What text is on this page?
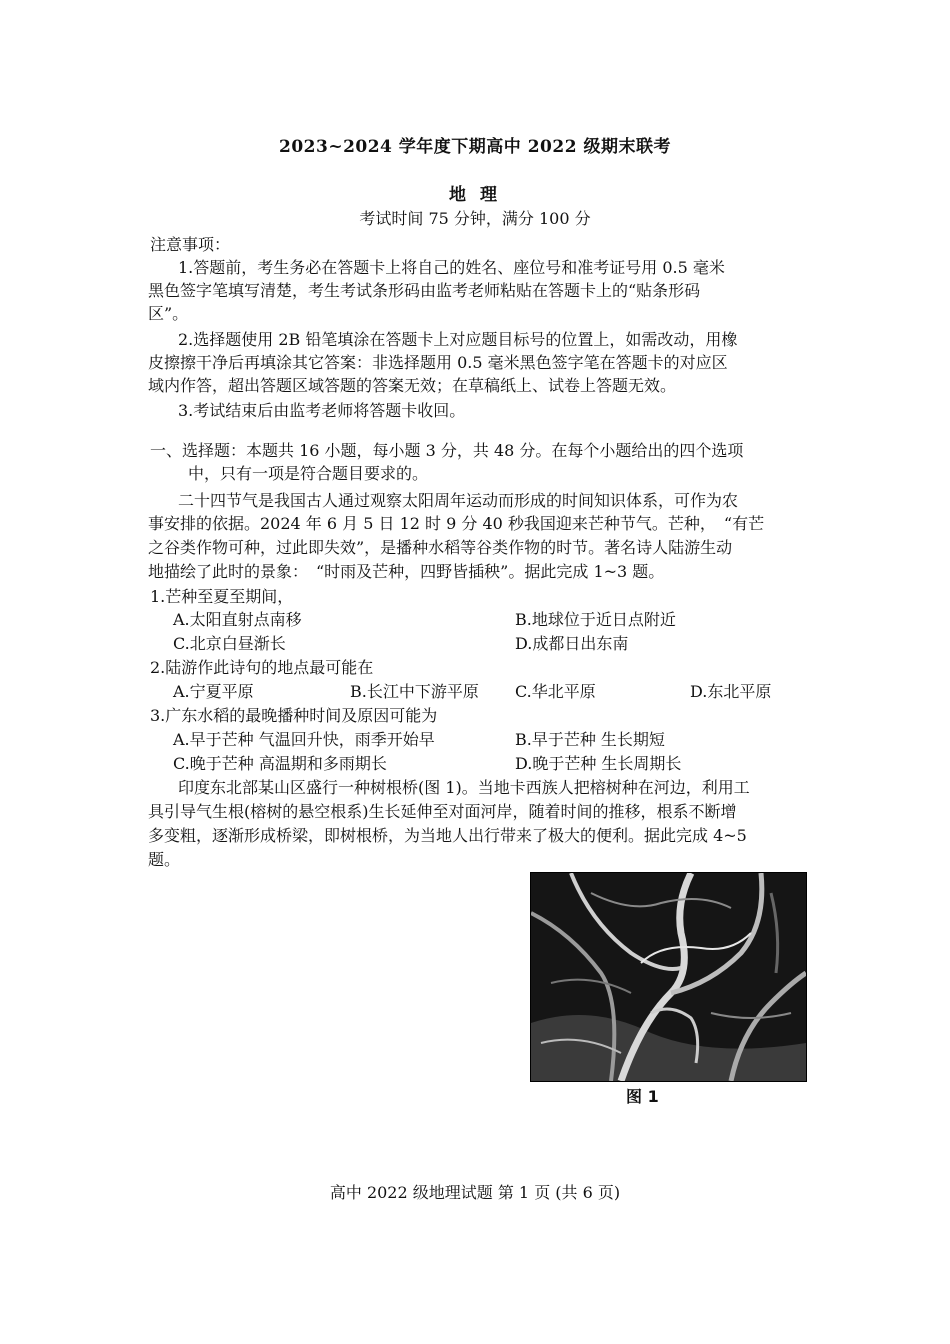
2023~2024 学年度下期高中 2022 级期末联考
地 理
考试时间 75 分钟，满分 100 分
注意事项：
1.答题前，考生务必在答题卡上将自己的姓名、座位号和准考证号用 0.5 毫米
黑色签字笔填写清楚，考生考试条形码由监考老师粘贴在答题卡上的“贴条形码
区”。
2.选择题使用 2B 铅笔填涂在答题卡上对应题目标号的位置上，如需改动，用橡
皮擦擦干净后再填涂其它答案：非选择题用 0.5 毫米黑色签字笔在答题卡的对应区
域内作答，超出答题区域答题的答案无效；在草稿纸上、试卷上答题无效。
3.考试结束后由监考老师将答题卡收回。
一、选择题：本题共 16 小题，每小题 3 分，共 48 分。在每个小题给出的四个选项
中，只有一项是符合题目要求的。
二十四节气是我国古人通过观察太阳周年运动而形成的时间知识体系，可作为农
事安排的依据。2024 年 6 月 5 日 12 时 9 分 40 秒我国迎来芒种节气。芒种，　“有芒
之谷类作物可种，过此即失效”，是播种水稻等谷类作物的时节。著名诗人陆游生动
地描绘了此时的景象：　“时雨及芒种，四野皆插秧”。据此完成 1~3 题。
1.芒种至夏至期间，
A.太阳直射点南移	B.地球位于近日点附近
C.北京白昼渐长	D.成都日出东南
2.陆游作此诗句的地点最可能在
A.宁夏平原	B.长江中下游平原 C.华北平原	D.东北平原
3.广东水稻的最晚播种时间及原因可能为
A.早于芒种 气温回升快，雨季开始早	B.早于芒种 生长期短
C.晚于芒种 高温期和多雨期长	D.晚于芒种 生长周期长
印度东北部某山区盛行一种树根桥(图 1)。当地卡西族人把榕树种在河边，利用工
具引导气生根(榕树的悬空根系)生长延伸至对面河岸，随着时间的推移，根系不断增
多变粗，逐渐形成桥梁，即树根桥，为当地人出行带来了极大的便利。据此完成 4~5
题。
图 1
高中 2022 级地理试题 第 1 页 (共 6 页)
